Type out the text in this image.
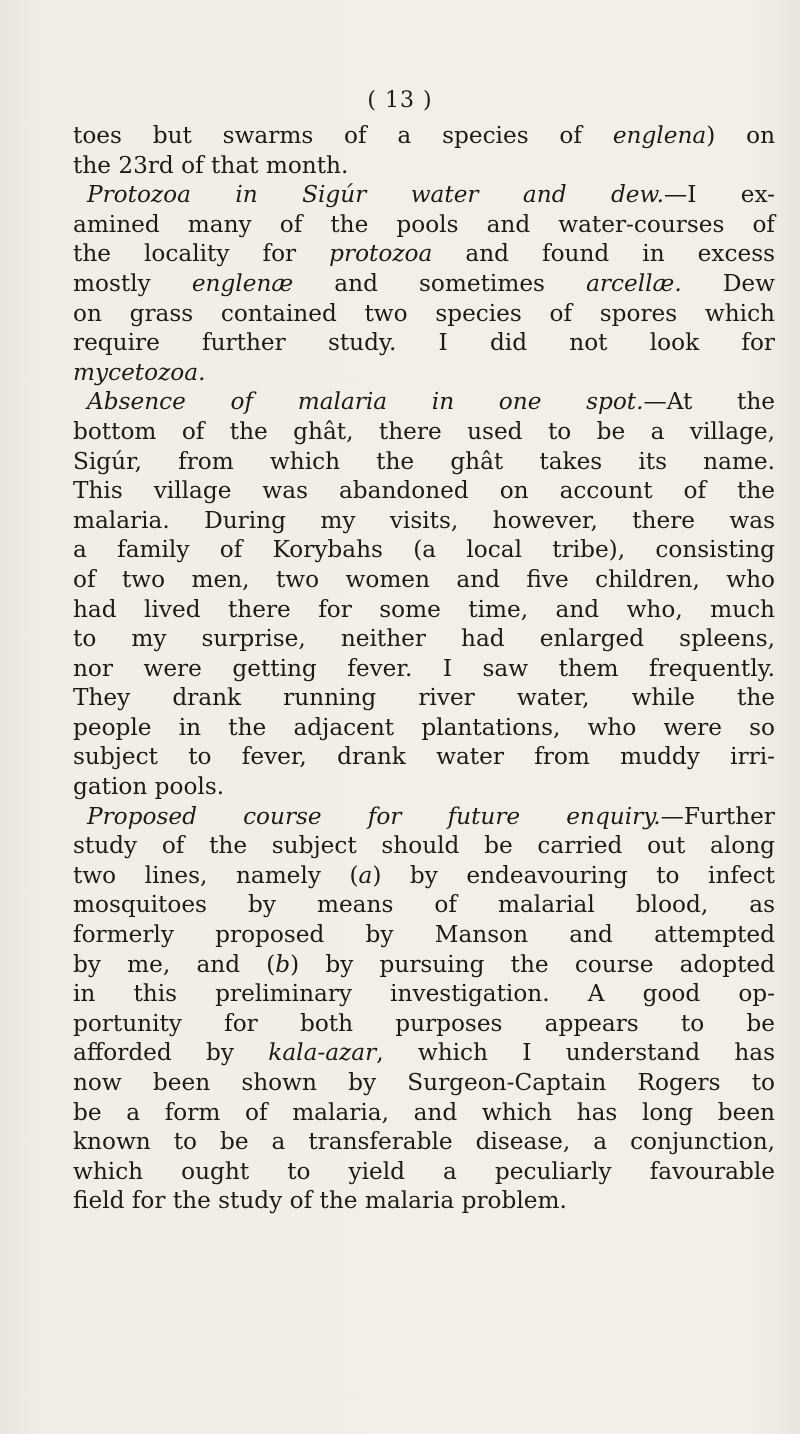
( 13 )
toes but swarms of a species of englena) on
the 23rd of that month.
Protozoa in Sigúr water and dew.—I ex-
amined many of the pools and water-courses of
the locality for protozoa and found in excess
mostly englenæ and sometimes arcellæ. Dew
on grass contained two species of spores which
require further study. I did not look for
mycetozoa.
Absence of malaria in one spot.—At the
bottom of the ghât, there used to be a village,
Sigúr, from which the ghât takes its name.
This village was abandoned on account of the
malaria. During my visits, however, there was
a family of Korybahs (a local tribe), consisting
of two men, two women and five children, who
had lived there for some time, and who, much
to my surprise, neither had enlarged spleens,
nor were getting fever. I saw them frequently.
They drank running river water, while the
people in the adjacent plantations, who were so
subject to fever, drank water from muddy irri-
gation pools.
Proposed course for future enquiry.—Further
study of the subject should be carried out along
two lines, namely (a) by endeavouring to infect
mosquitoes by means of malarial blood, as
formerly proposed by Manson and attempted
by me, and (b) by pursuing the course adopted
in this preliminary investigation. A good op-
portunity for both purposes appears to be
afforded by kala-azar, which I understand has
now been shown by Surgeon-Captain Rogers to
be a form of malaria, and which has long been
known to be a transferable disease, a conjunction,
which ought to yield a peculiarly favourable
field for the study of the malaria problem.
